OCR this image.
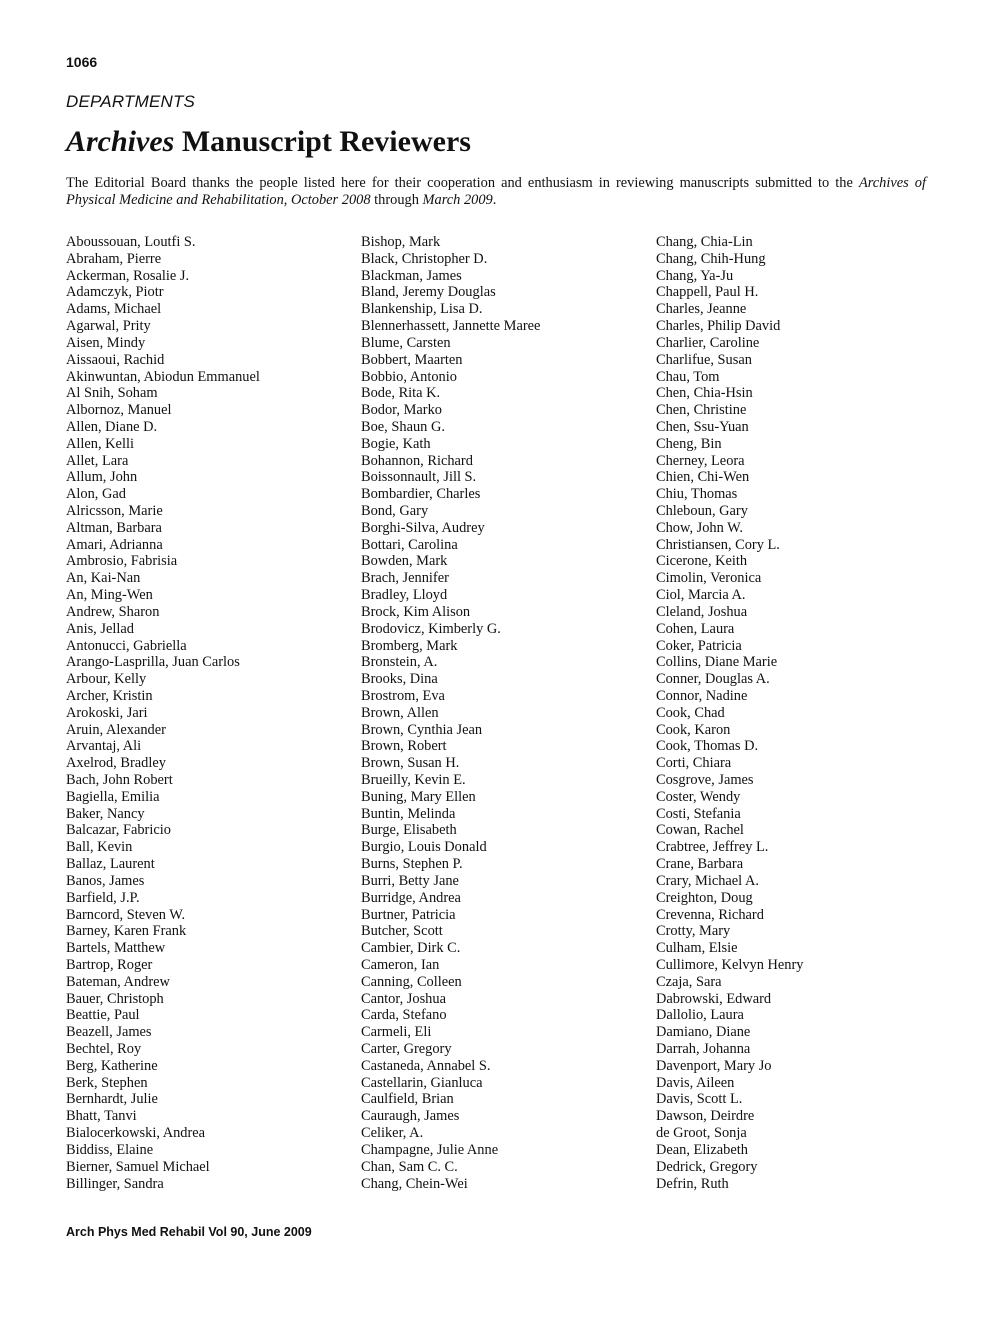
1066
DEPARTMENTS
Archives Manuscript Reviewers

The Editorial Board thanks the people listed here for their cooperation and enthusiasm in reviewing manuscripts submitted to the Archives of Physical Medicine and Rehabilitation, October 2008 through March 2009.

Aboussouan, Loutfi S.
Abraham, Pierre
Ackerman, Rosalie J.
Adamczyk, Piotr
Adams, Michael
Agarwal, Prity
Aisen, Mindy
Aissaoui, Rachid
Akinwuntan, Abiodun Emmanuel
Al Snih, Soham
Albornoz, Manuel
Allen, Diane D.
Allen, Kelli
Allet, Lara
Allum, John
Alon, Gad
Alricsson, Marie
Altman, Barbara
Amari, Adrianna
Ambrosio, Fabrisia
An, Kai-Nan
An, Ming-Wen
Andrew, Sharon
Anis, Jellad
Antonucci, Gabriella
Arango-Lasprilla, Juan Carlos
Arbour, Kelly
Archer, Kristin
Arokoski, Jari
Aruin, Alexander
Arvantaj, Ali
Axelrod, Bradley
Bach, John Robert
Bagiella, Emilia
Baker, Nancy
Balcazar, Fabricio
Ball, Kevin
Ballaz, Laurent
Banos, James
Barfield, J.P.
Barncord, Steven W.
Barney, Karen Frank
Bartels, Matthew
Bartrop, Roger
Bateman, Andrew
Bauer, Christoph
Beattie, Paul
Beazell, James
Bechtel, Roy
Berg, Katherine
Berk, Stephen
Bernhardt, Julie
Bhatt, Tanvi
Bialocerkowski, Andrea
Biddiss, Elaine
Bierner, Samuel Michael
Billinger, Sandra
Bishop, Mark
Black, Christopher D.
Blackman, James
Bland, Jeremy Douglas
Blankenship, Lisa D.
Blennerhassett, Jannette Maree
Blume, Carsten
Bobbert, Maarten
Bobbio, Antonio
Bode, Rita K.
Bodor, Marko
Boe, Shaun G.
Bogie, Kath
Bohannon, Richard
Boissonnault, Jill S.
Bombardier, Charles
Bond, Gary
Borghi-Silva, Audrey
Bottari, Carolina
Bowden, Mark
Brach, Jennifer
Bradley, Lloyd
Brock, Kim Alison
Brodovicz, Kimberly G.
Bromberg, Mark
Bronstein, A.
Brooks, Dina
Brostrom, Eva
Brown, Allen
Brown, Cynthia Jean
Brown, Robert
Brown, Susan H.
Brueilly, Kevin E.
Buning, Mary Ellen
Buntin, Melinda
Burge, Elisabeth
Burgio, Louis Donald
Burns, Stephen P.
Burri, Betty Jane
Burridge, Andrea
Burtner, Patricia
Butcher, Scott
Cambier, Dirk C.
Cameron, Ian
Canning, Colleen
Cantor, Joshua
Carda, Stefano
Carmeli, Eli
Carter, Gregory
Castaneda, Annabel S.
Castellarin, Gianluca
Caulfield, Brian
Cauraugh, James
Celiker, A.
Champagne, Julie Anne
Chan, Sam C. C.
Chang, Chein-Wei
Chang, Chia-Lin
Chang, Chih-Hung
Chang, Ya-Ju
Chappell, Paul H.
Charles, Jeanne
Charles, Philip David
Charlier, Caroline
Charlifue, Susan
Chau, Tom
Chen, Chia-Hsin
Chen, Christine
Chen, Ssu-Yuan
Cheng, Bin
Cherney, Leora
Chien, Chi-Wen
Chiu, Thomas
Chleboun, Gary
Chow, John W.
Christiansen, Cory L.
Cicerone, Keith
Cimolin, Veronica
Ciol, Marcia A.
Cleland, Joshua
Cohen, Laura
Coker, Patricia
Collins, Diane Marie
Conner, Douglas A.
Connor, Nadine
Cook, Chad
Cook, Karon
Cook, Thomas D.
Corti, Chiara
Cosgrove, James
Coster, Wendy
Costi, Stefania
Cowan, Rachel
Crabtree, Jeffrey L.
Crane, Barbara
Crary, Michael A.
Creighton, Doug
Crevenna, Richard
Crotty, Mary
Culham, Elsie
Cullimore, Kelvyn Henry
Czaja, Sara
Dabrowski, Edward
Dallolio, Laura
Damiano, Diane
Darrah, Johanna
Davenport, Mary Jo
Davis, Aileen
Davis, Scott L.
Dawson, Deirdre
de Groot, Sonja
Dean, Elizabeth
Dedrick, Gregory
Defrin, Ruth
Arch Phys Med Rehabil Vol 90, June 2009
